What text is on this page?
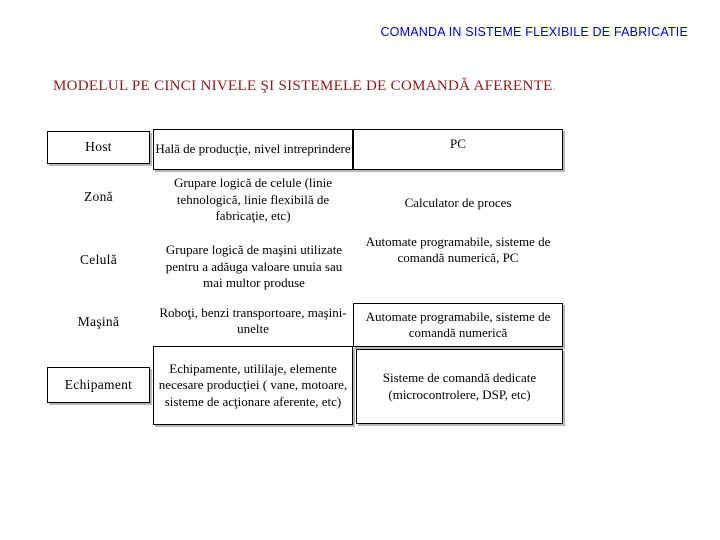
COMANDA IN SISTEME FLEXIBILE DE FABRICATIE
MODELUL PE CINCI NIVELE ŞI SISTEMELE DE COMANDĂ AFERENTE.
Host
Zonă
Celulă
Maşină
Echipament
Hală de producţie, nivel intreprindere
Grupare logică de celule (linie tehnologică, linie flexibilă de fabricaţie, etc)
Grupare logică de maşini utilizate pentru a adăuga valoare unuia sau mai multor produse
Roboţi, benzi transportoare, maşini-unelte
Echipamente, utililaje, elemente necesare producţiei ( vane, motoare, sisteme de acţionare aferente, etc)
PC
Calculator de proces
Automate programabile, sisteme de comandă numerică, PC
Automate programabile, sisteme de comandă numerică
Sisteme de comandă dedicate (microcontrolere, DSP, etc)
